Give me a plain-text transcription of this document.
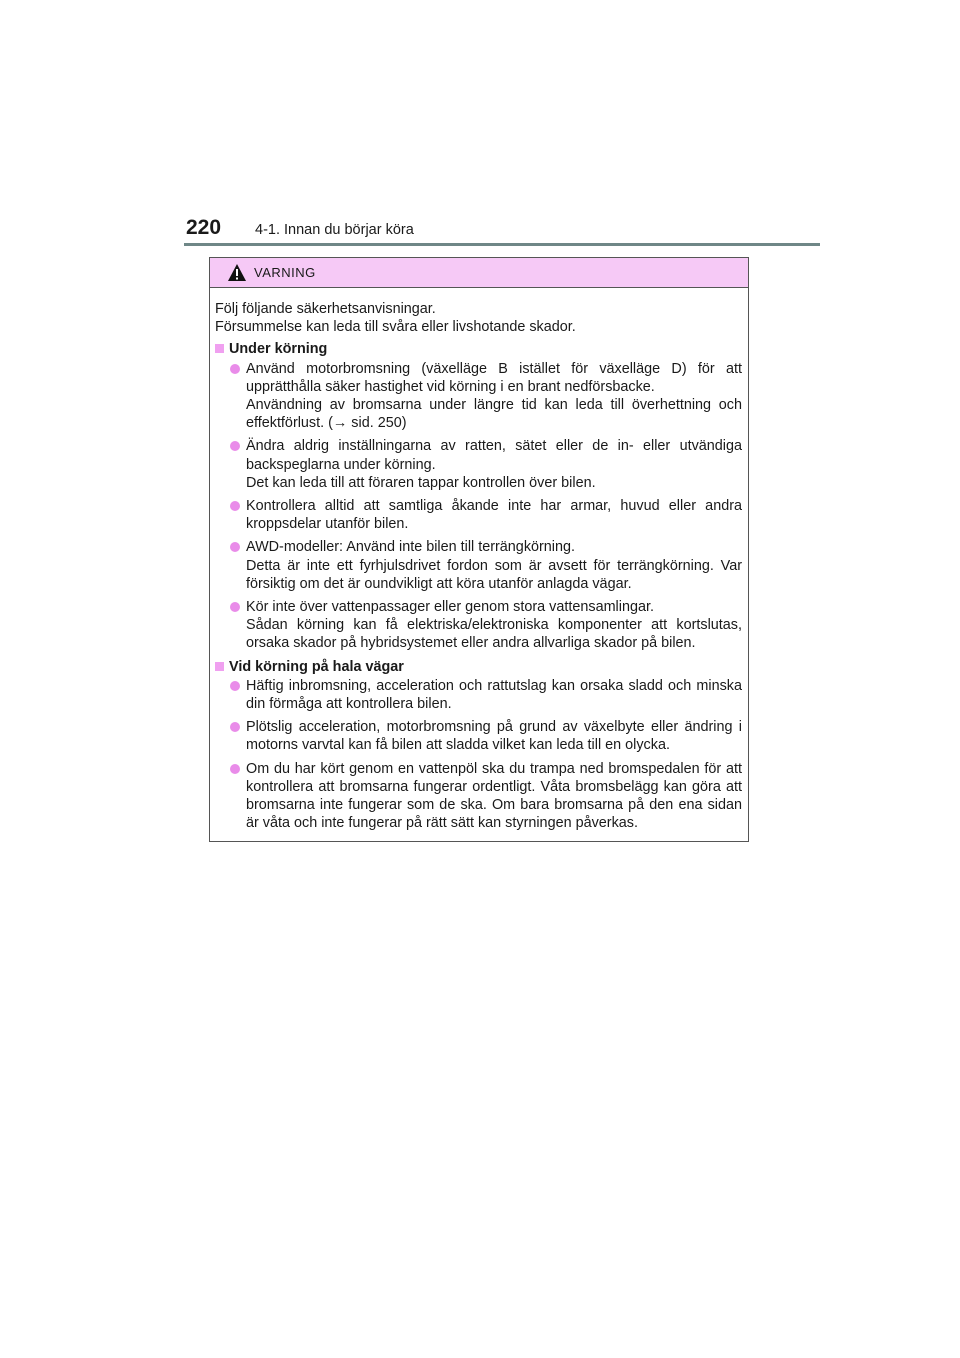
220 4-1. Innan du börjar köra
VARNING

Följ följande säkerhetsanvisningar.

Försummelse kan leda till svåra eller livshotande skador.

Under körning
Använd motorbromsning (växelläge B istället för växelläge D) för att upprätthålla säker hastighet vid körning i en brant nedförsbacke.
Användning av bromsarna under längre tid kan leda till överhettning och effektförlust. (→ sid. 250)
Ändra aldrig inställningarna av ratten, sätet eller de in- eller utvändiga backspeglarna under körning.
Det kan leda till att föraren tappar kontrollen över bilen.
Kontrollera alltid att samtliga åkande inte har armar, huvud eller andra kroppsdelar utanför bilen.
AWD-modeller: Använd inte bilen till terrängkörning.
Detta är inte ett fyrhjulsdrivet fordon som är avsett för terrängkörning. Var försiktig om det är oundvikligt att köra utanför anlagda vägar.
Kör inte över vattenpassager eller genom stora vattensamlingar.
Sådan körning kan få elektriska/elektroniska komponenter att kortslutas, orsaka skador på hybridsystemet eller andra allvarliga skador på bilen.
Vid körning på hala vägar
Häftig inbromsning, acceleration och rattutslag kan orsaka sladd och minska din förmåga att kontrollera bilen.
Plötslig acceleration, motorbromsning på grund av växelbyte eller ändring i motorns varvtal kan få bilen att sladda vilket kan leda till en olycka.
Om du har kört genom en vattenpöl ska du trampa ned bromspedalen för att kontrollera att bromsarna fungerar ordentligt. Våta bromsbelägg kan göra att bromsarna inte fungerar som de ska. Om bara bromsarna på den ena sidan är våta och inte fungerar på rätt sätt kan styrningen påverkas.
